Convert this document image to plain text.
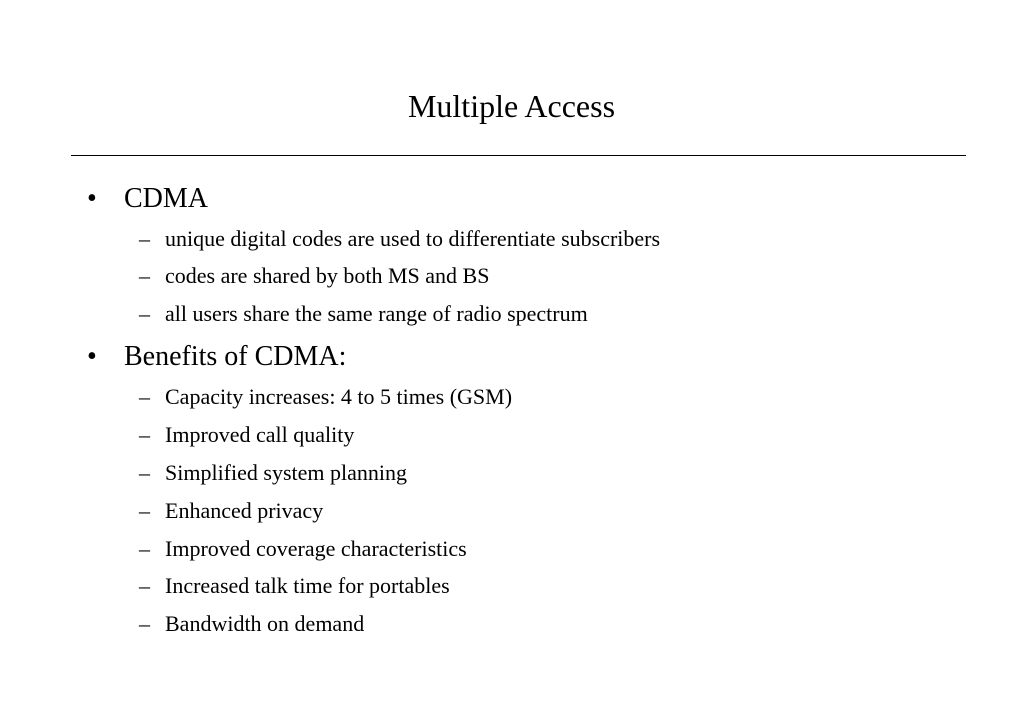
Multiple Access
• CDMA
– unique digital codes are used to differentiate subscribers
– codes are shared by both MS and BS
– all users share the same range of radio spectrum
• Benefits of CDMA:
– Capacity increases: 4 to 5 times (GSM)
– Improved call quality
– Simplified system planning
– Enhanced privacy
– Improved coverage characteristics
– Increased talk time for portables
– Bandwidth on demand
